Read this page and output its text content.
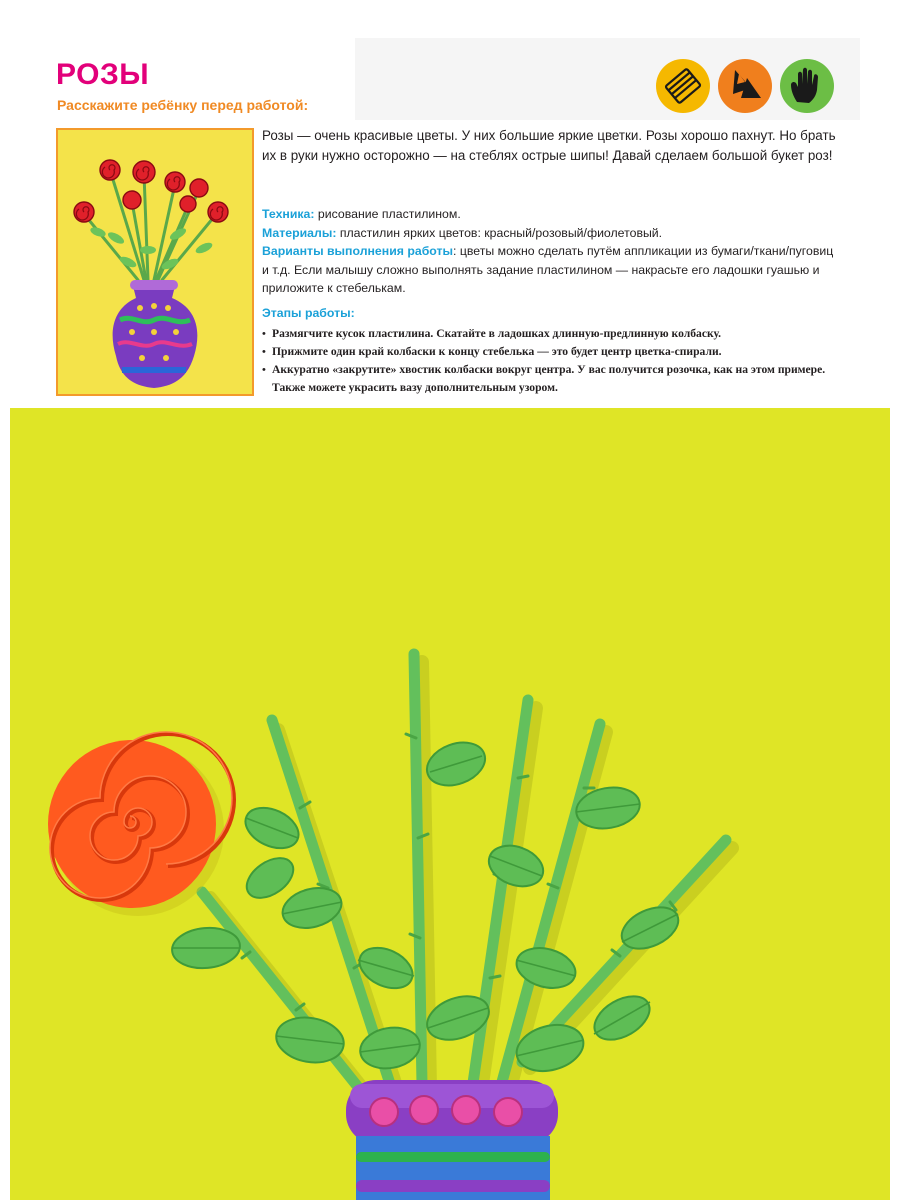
РОЗЫ
Расскажите ребёнку перед работой:

Розы — очень красивые цветы. У них большие яркие цветки. Розы хорошо пахнут. Но брать их в руки нужно осторожно — на стеблях острые шипы! Давай сделаем большой букет роз!

Техника: рисование пластилином.
Материалы: пластилин ярких цветов: красный/розовый/фиолетовый.
Варианты выполнения работы: цветы можно сделать путём аппликации из бумаги/ткани/пуговиц и т.д. Если малышу сложно выполнять задание пластилином — накрасьте его ладошки гуашью и приложите к стебелькам.
Этапы работы:
• Размягчите кусок пластилина. Скатайте в ладошках длинную-предлинную колбаску.
• Прижмите один край колбаски к концу стебелька — это будет центр цветка-спирали.
• Аккуратно «закрутите» хвостик колбаски вокруг центра. У вас получится розочка, как на этом примере. Также можете украсить вазу дополнительным узором.
